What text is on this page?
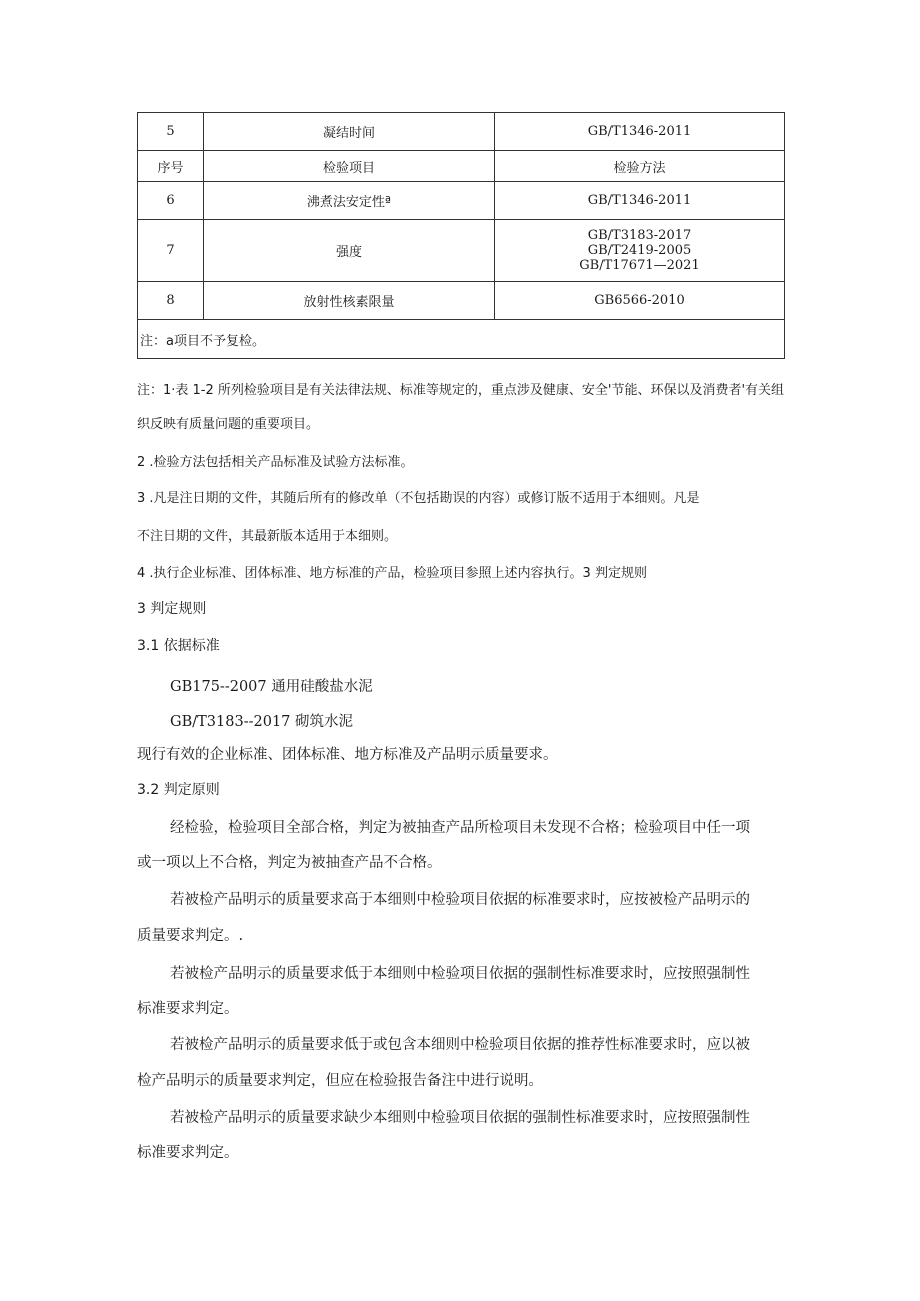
5	凝结时间	GB/T1346-2011
序号	检验项目	检验方法
6	沸煮法安定性ª	GB/T1346-2011
7	强度	GB/T3183-2017
GB/T2419-2005
GB/T17671—2021

8	放射性核素限量	GB6566-2010
注：a项目不予复检。		
注：1·表 1-2 所列检验项目是有关法律法规、标准等规定的，重点涉及健康、安全'节能、环保以及消费者'有关组
织反映有质量问题的重要项目。
2 .检验方法包括相关产品标准及试验方法标准。
3 .凡是注日期的文件，其随后所有的修改单（不包括勘误的内容）或修订版不适用于本细则。凡是
不注日期的文件，其最新版本适用于本细则。
4 .执行企业标准、团体标准、地方标准的产品，检验项目参照上述内容执行。3 判定规则
3 判定规则
3.1 依据标准
GB175--2007 通用硅酸盐水泥
GB/T3183--2017 砌筑水泥
现行有效的企业标准、团体标准、地方标准及产品明示质量要求。
3.2 判定原则
经检验，检验项目全部合格，判定为被抽查产品所检项目未发现不合格；检验项目中任一项
或一项以上不合格，判定为被抽查产品不合格。
若被检产品明示的质量要求高于本细则中检验项目依据的标准要求时，应按被检产品明示的
质量要求判定。.
若被检产品明示的质量要求低于本细则中检验项目依据的强制性标准要求时，应按照强制性
标准要求判定。
若被检产品明示的质量要求低于或包含本细则中检验项目依据的推荐性标准要求时，应以被
检产品明示的质量要求判定，但应在检验报告备注中进行说明。
若被检产品明示的质量要求缺少本细则中检验项目依据的强制性标准要求时，应按照强制性
标准要求判定。
